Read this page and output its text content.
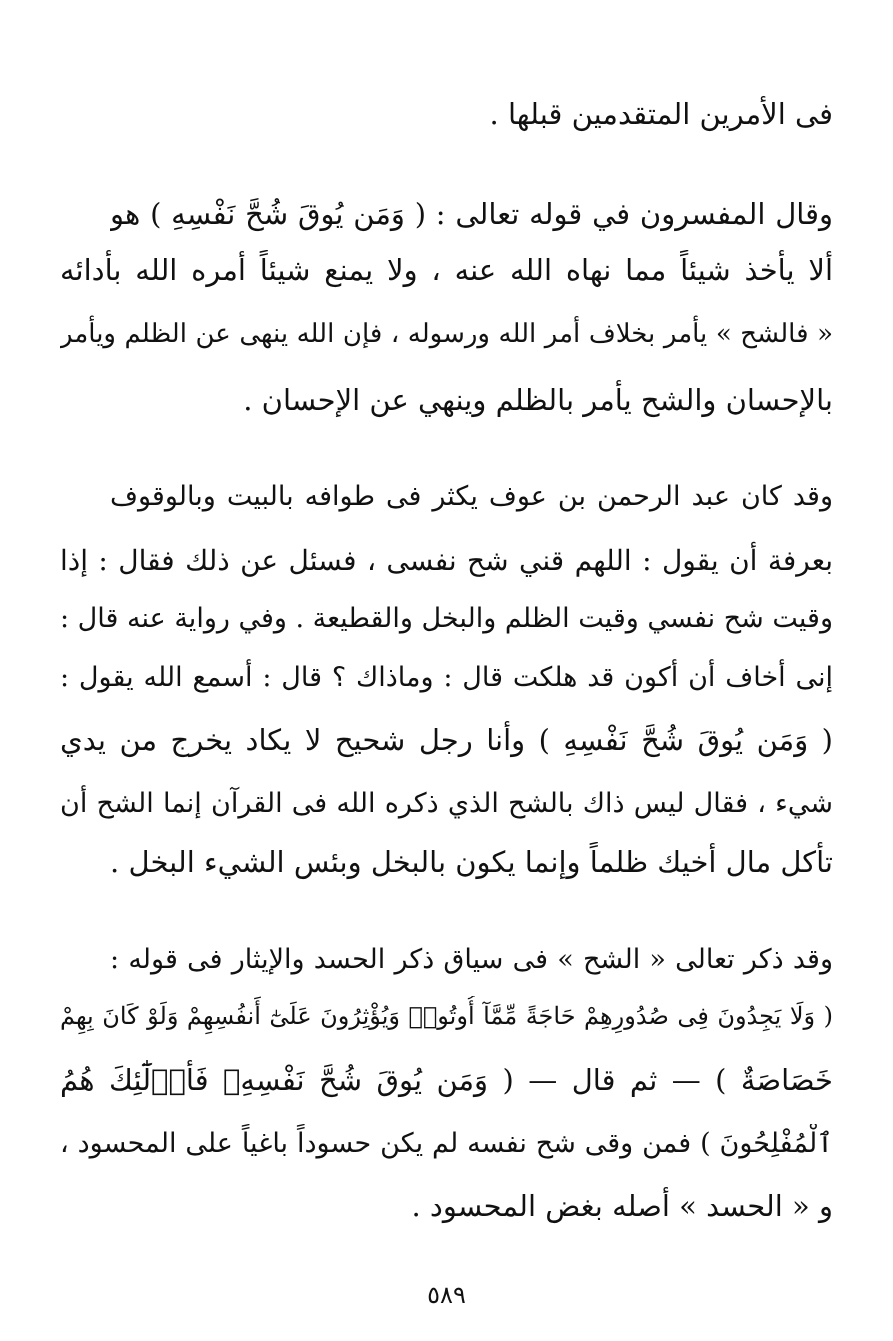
فى الأمرين المتقدمين قبلها .
وقال المفسرون في قوله تعالى : ( وَمَن يُوقَ شُحَّ نَفْسِهِ ) هو
ألا يأخذ شيئاً مما نهاه الله عنه ، ولا يمنع شيئاً أمره الله بأدائه
« فالشح » يأمر بخلاف أمر الله ورسوله ، فإن الله ينهى عن الظلم ويأمر
بالإحسان والشح يأمر بالظلم وينهي عن الإحسان .
وقد كان عبد الرحمن بن عوف يكثر فى طوافه بالبيت وبالوقوف
بعرفة أن يقول : اللهم قني شح نفسى ، فسئل عن ذلك فقال : إذا
وقيت شح نفسي وقيت الظلم والبخل والقطيعة . وفي رواية عنه قال :
إنى أخاف أن أكون قد هلكت قال : وماذاك ؟ قال : أسمع الله يقول :
( وَمَن يُوقَ شُحَّ نَفْسِهِ ) وأنا رجل شحيح لا يكاد يخرج من يدي
شيء ، فقال ليس ذاك بالشح الذي ذكره الله فى القرآن إنما الشح أن
تأكل مال أخيك ظلماً وإنما يكون بالبخل وبئس الشيء البخل .
وقد ذكر تعالى « الشح » فى سياق ذكر الحسد والإيثار فى قوله :
( وَلَا يَجِدُونَ فِى صُدُورِهِمْ حَاجَةً مِّمَّآ أُوتُوا۟ وَيُؤْثِرُونَ عَلَىٰٓ أَنفُسِهِمْ وَلَوْ كَانَ بِهِمْ
خَصَاصَةٌ ) — ثم قال — ( وَمَن يُوقَ شُحَّ نَفْسِهِۦ فَأُو۟لَٰٓئِكَ هُمُ
ٱلْمُفْلِحُونَ ) فمن وقى شح نفسه لم يكن حسوداً باغياً على المحسود ،
و « الحسد » أصله بغض المحسود .
٥٨٩
